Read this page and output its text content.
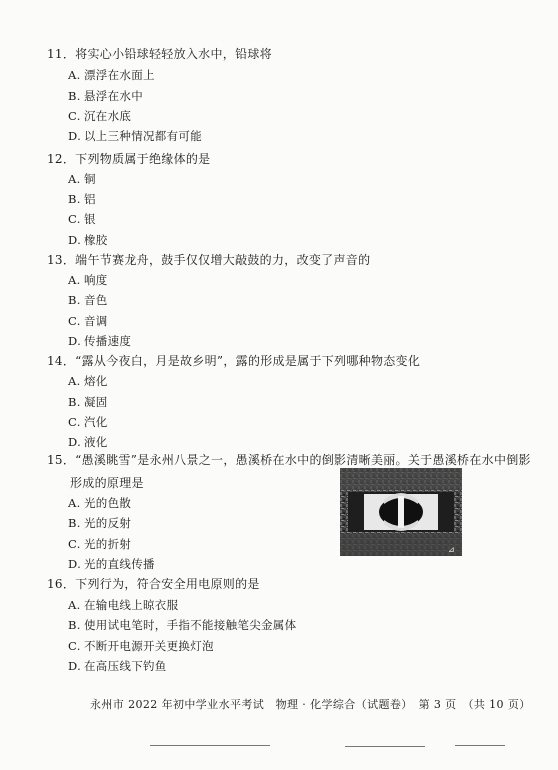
11．将实心小铅球轻轻放入水中，铅球将
A. 漂浮在水面上
B. 悬浮在水中
C. 沉在水底
D. 以上三种情况都有可能
12．下列物质属于绝缘体的是
A. 铜
B. 铝
C. 银
D. 橡胶
13．端午节赛龙舟，鼓手仅仅增大敲鼓的力，改变了声音的
A. 响度
B. 音色
C. 音调
D. 传播速度
14．“露从今夜白，月是故乡明”，露的形成是属于下列哪种物态变化
A. 熔化
B. 凝固
C. 汽化
D. 液化
15．“愚溪眺雪”是永州八景之一，愚溪桥在水中的倒影清晰美丽。关于愚溪桥在水中倒影
形成的原理是
A. 光的色散
B. 光的反射
C. 光的折射
D. 光的直线传播
⊿
16．下列行为，符合安全用电原则的是
A. 在输电线上晾衣服
B. 使用试电笔时，手指不能接触笔尖金属体
C. 不断开电源开关更换灯泡
D. 在高压线下钓鱼
永州市 2022 年初中学业水平考试　物理 · 化学综合（试题卷）　第 3 页　（共 10 页）
